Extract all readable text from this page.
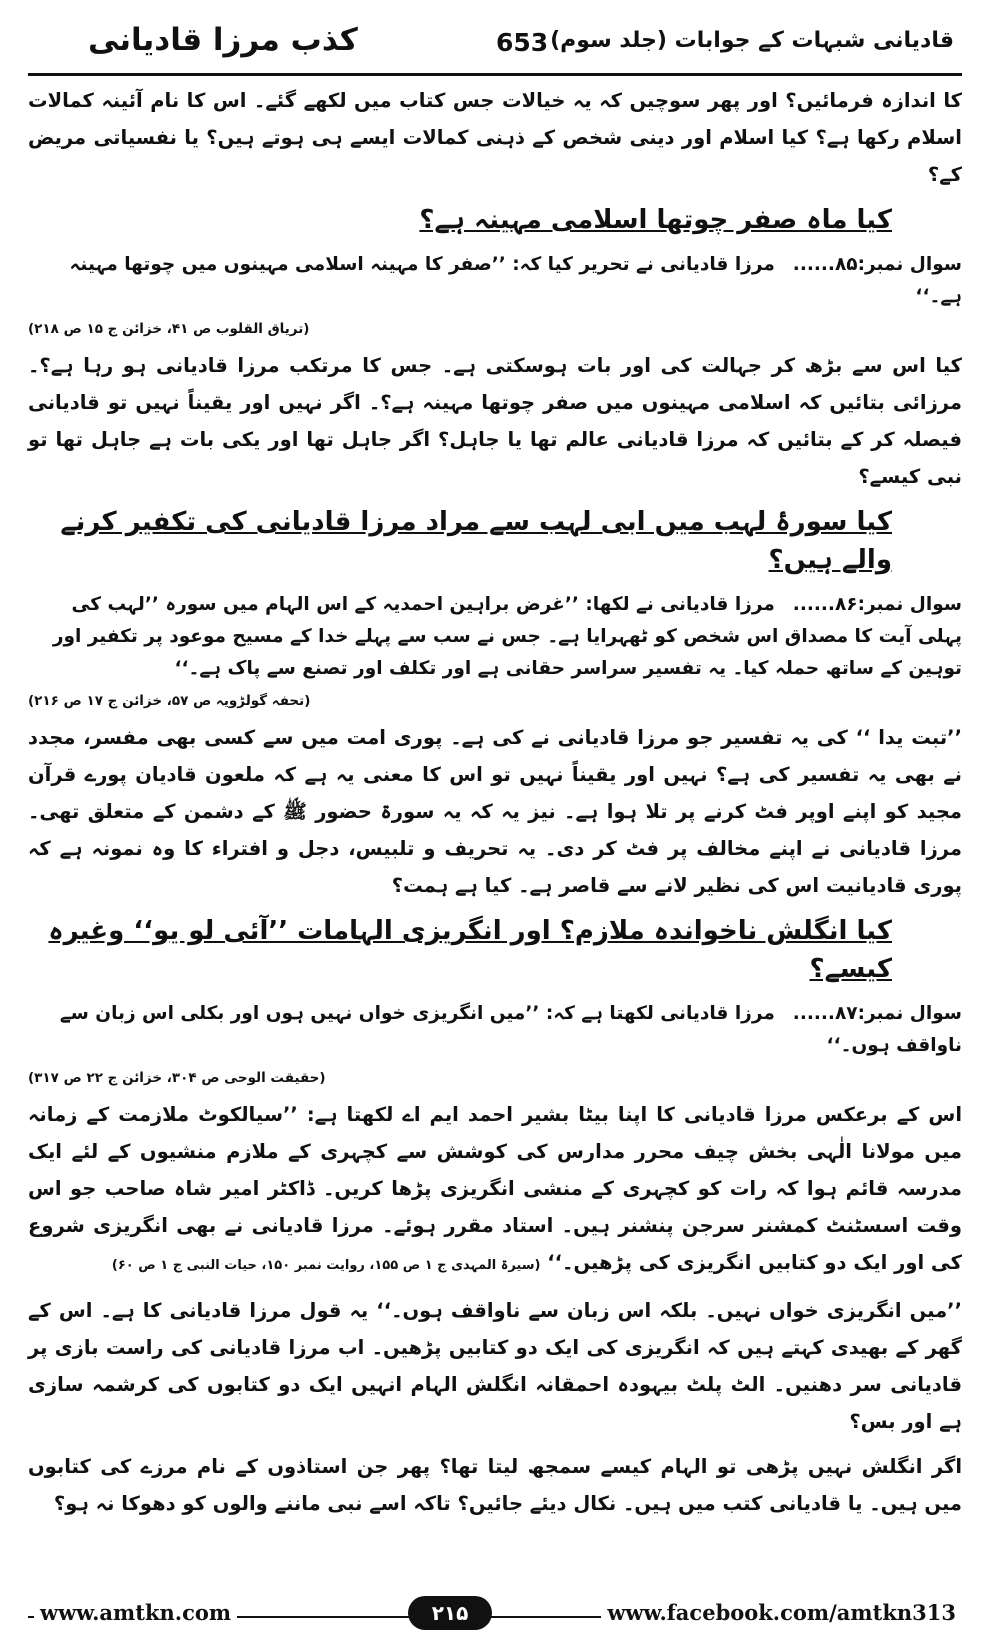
کذب مرزا قادیانی	653 قادیانی شبہات کے جوابات (جلد سوم)
کا اندازہ فرمائیں؟ اور پھر سوچیں کہ یہ خیالات جس کتاب میں لکھے گئے۔ اس کا نام آئینہ کمالات اسلام رکھا ہے؟ کیا اسلام اور دینی شخص کے ذہنی کمالات ایسے ہی ہوتے ہیں؟ یا نفسیاتی مریض کے؟
کیا ماہ صفر چوتھا اسلامی مہینہ ہے؟
سوال نمبر:۸۵......مرزا قادیانی نے تحریر کیا کہ: ’’صفر کا مہینہ اسلامی مہینوں میں چوتھا مہینہ ہے۔‘‘
(تریاق القلوب ص ۴۱، خزائن ج ۱۵ ص ۲۱۸)
کیا اس سے بڑھ کر جہالت کی اور بات ہوسکتی ہے۔ جس کا مرتکب مرزا قادیانی ہو رہا ہے؟۔ مرزائی بتائیں کہ اسلامی مہینوں میں صفر چوتھا مہینہ ہے؟۔ اگر نہیں اور یقیناً نہیں تو قادیانی فیصلہ کر کے بتائیں کہ مرزا قادیانی عالم تھا یا جاہل؟ اگر جاہل تھا اور یکی بات ہے جاہل تھا تو نبی کیسے؟
کیا سورۂ لہب میں ابی لہب سے مراد مرزا قادیانی کی تکفیر کرنے والے ہیں؟
سوال نمبر:۸۶......مرزا قادیانی نے لکھا: ’’غرض براہین احمدیہ کے اس الہام میں سورہ ’’لہب کی پہلی آیت کا مصداق اس شخص کو ٹھہرایا ہے۔ جس نے سب سے پہلے خدا کے مسیح موعود پر تکفیر اور توہین کے ساتھ حملہ کیا۔ یہ تفسیر سراسر حقانی ہے اور تکلف اور تصنع سے پاک ہے۔‘‘
(تحفہ گولڑویہ ص ۵۷، خزائن ج ۱۷ ص ۲۱۶)
’’تبت یدا ‘‘ کی یہ تفسیر جو مرزا قادیانی نے کی ہے۔ پوری امت میں سے کسی بھی مفسر، مجدد نے بھی یہ تفسیر کی ہے؟ نہیں اور یقیناً نہیں تو اس کا معنی یہ ہے کہ ملعون قادیان پورے قرآن مجید کو اپنے اوپر فٹ کرنے پر تلا ہوا ہے۔ نیز یہ کہ یہ سورۃ حضور ﷺ کے دشمن کے متعلق تھی۔ مرزا قادیانی نے اپنے مخالف پر فٹ کر دی۔ یہ تحریف و تلبیس، دجل و افتراء کا وہ نمونہ ہے کہ پوری قادیانیت اس کی نظیر لانے سے قاصر ہے۔ کیا ہے ہمت؟
کیا انگلش ناخواندہ ملازم؟ اور انگریزی الہامات ’’آئی لو یو‘‘ وغیرہ کیسے؟
سوال نمبر:۸۷......مرزا قادیانی لکھتا ہے کہ: ’’میں انگریزی خواں نہیں ہوں اور بکلی اس زبان سے ناواقف ہوں۔‘‘
(حقیقت الوحی ص ۳۰۴، خزائن ج ۲۲ ص ۳۱۷)
اس کے برعکس مرزا قادیانی کا اپنا بیٹا بشیر احمد ایم اے لکھتا ہے: ’’سیالکوٹ ملازمت کے زمانہ میں مولانا الٰہی بخش چیف محرر مدارس کی کوشش سے کچہری کے ملازم منشیوں کے لئے ایک مدرسہ قائم ہوا کہ رات کو کچہری کے منشی انگریزی پڑھا کریں۔ ڈاکٹر امیر شاہ صاحب جو اس وقت اسسٹنٹ کمشنر سرجن پنشنر ہیں۔ استاد مقرر ہوئے۔ مرزا قادیانی نے بھی انگریزی شروع کی اور ایک دو کتابیں انگریزی کی پڑھیں۔‘‘ (سیرۃ المہدی ج ۱ ص ۱۵۵، روایت نمبر ۱۵۰، حیات النبی ج ۱ ص ۶۰)
’’میں انگریزی خواں نہیں۔ بلکہ اس زبان سے ناواقف ہوں۔‘‘ یہ قول مرزا قادیانی کا ہے۔ اس کے گھر کے بھیدی کہتے ہیں کہ انگریزی کی ایک دو کتابیں پڑھیں۔ اب مرزا قادیانی کی راست بازی پر قادیانی سر دھنیں۔ الٹ پلٹ بیہودہ احمقانہ انگلش الہام انہیں ایک دو کتابوں کی کرشمہ سازی ہے اور بس؟
اگر انگلش نہیں پڑھی تو الہام کیسے سمجھ لیتا تھا؟ پھر جن استاذوں کے نام مرزے کی کتابوں میں ہیں۔ یا قادیانی کتب میں ہیں۔ نکال دیئے جائیں؟ تاکہ اسے نبی ماننے والوں کو دھوکا نہ ہو؟
www.amtkn.com	۲۱۵	www.facebook.com/amtkn313
